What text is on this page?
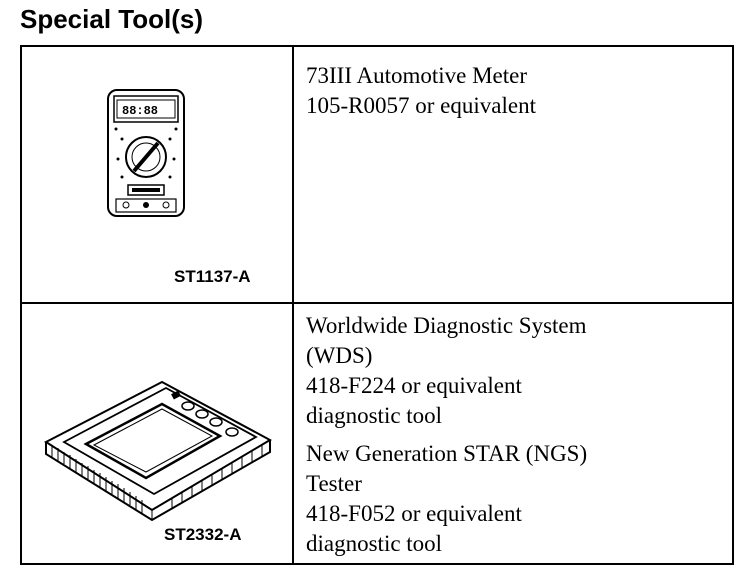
Special Tool(s)
88:88
ST1137-A
73III Automotive Meter
105-R0057 or equivalent
ST2332-A
Worldwide Diagnostic System
(WDS)
418-F224 or equivalent
diagnostic tool
New Generation STAR (NGS)
Tester
418-F052 or equivalent
diagnostic tool
